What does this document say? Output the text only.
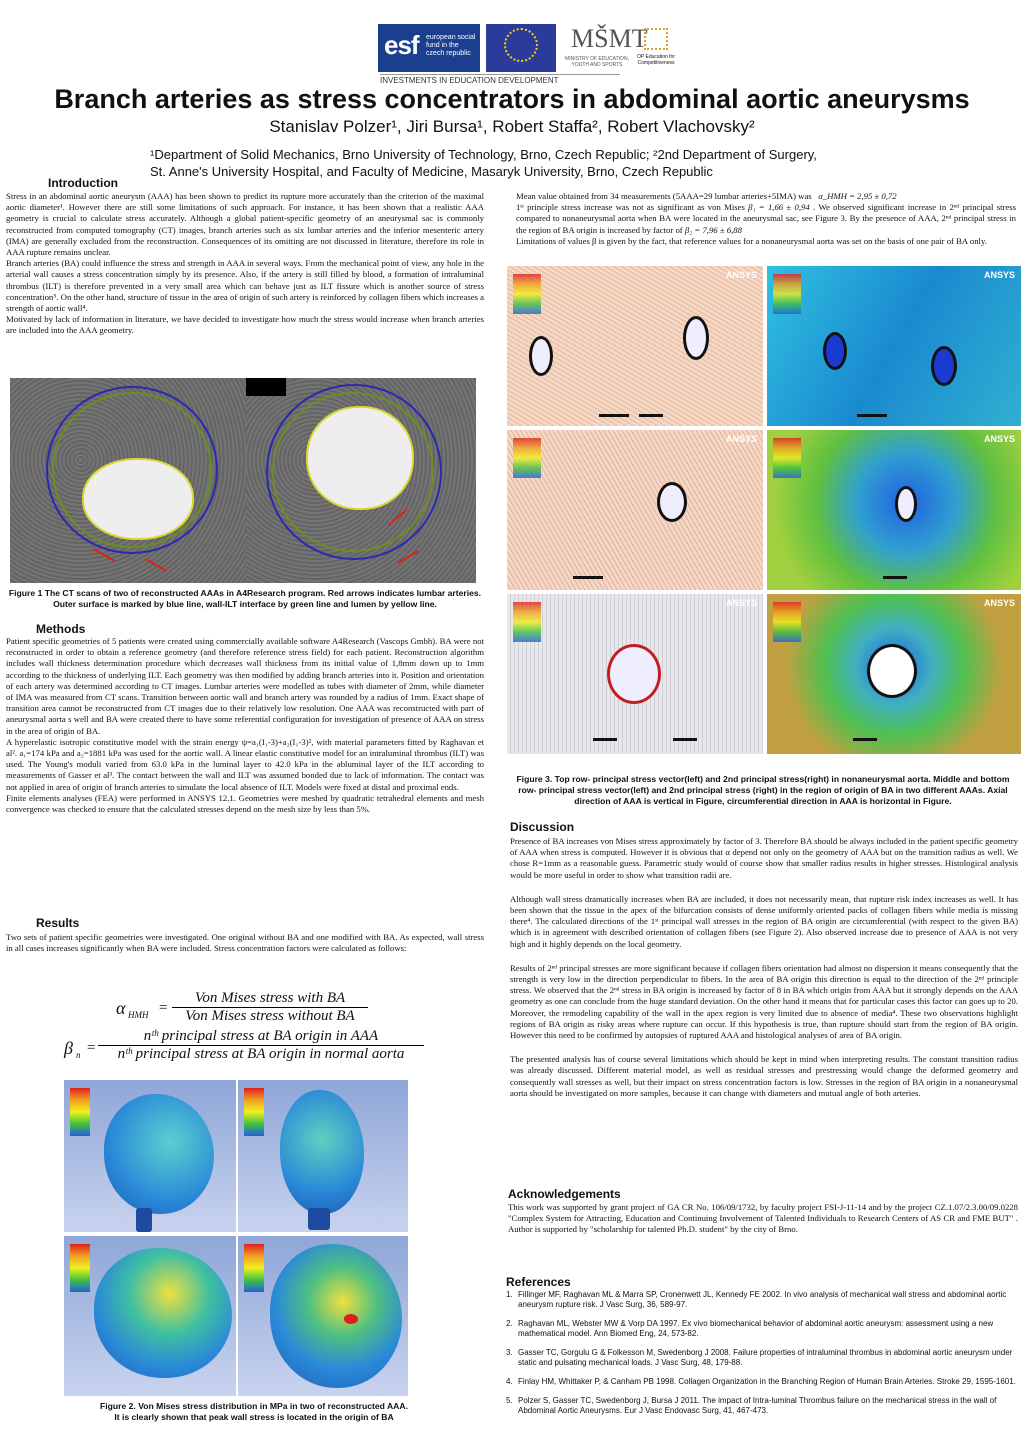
esf european social fund in the czech republic
EUROPEAN UNION
MŠMT
MINISTRY OF EDUCATION, YOUTH AND SPORTS
OP Education for Competitiveness
INVESTMENTS IN EDUCATION DEVELOPMENT
Branch arteries as stress concentrators in abdominal aortic aneurysms
Stanislav Polzer¹, Jiri Bursa¹, Robert Staffa², Robert Vlachovsky²
¹Department of Solid Mechanics, Brno University of Technology, Brno, Czech Republic; ²2nd Department of Surgery,
St. Anne's University Hospital, and Faculty of Medicine, Masaryk University, Brno, Czech Republic
Introduction

Stress in an abdominal aortic aneurysm (AAA) has been shown to predict its rupture more accurately than the criterion of the maximal aortic diameter¹. However there are still some limitations of such approach. For instance, it has been shown that a realistic AAA geometry is crucial to calculate stress accurately. Although a global patient-specific geometry of an aneurysmal sac is commonly reconstructed from computed tomography (CT) images, branch arteries such as six lumbar arteries and the inferior mesenteric artery (IMA) are generally excluded from the reconstruction. Consequences of its omitting are not discussed in literature, therefore its role in AAA rupture remains unclear.

Branch arteries (BA) could influence the stress and strength in AAA in several ways. From the mechanical point of view, any hole in the arterial wall causes a stress concentration simply by its presence. Also, if the artery is still filled by blood, a formation of intraluminal thrombus (ILT) is therefore prevented in a very small area which can behave just as ILT fissure which is another source of stress concentration⁵. On the other hand, structure of tissue in the area of origin of such artery is reinforced by collagen fibers which increases a strength of aortic wall⁴.

Motivated by lack of information in literature, we have decided to investigate how much the stress would increase when branch arteries are included into the AAA geometry.

Figure 1 The CT scans of two of reconstructed AAAs in A4Research program. Red arrows indicates lumbar arteries. Outer surface is marked by blue line, wall-ILT interface by green line and lumen by yellow line.
Methods

Patient specific geometries of 5 patients were created using commercially available software A4Research (Vascops Gmbh). BA were not reconstructed in order to obtain a reference geometry (and therefore reference stress field) for each patient. Reconstruction algorithm includes wall thickness determination procedure which decreases wall thickness from its initial value of 1,8mm down up to 1mm according to the thickness of underlying ILT. Each geometry was then modified by adding branch arteries into it. Position and orientation of each artery was determined according to CT images. Lumbar arteries were modelled as tubes with diameter of 2mm, while diameter of IMA was measured from CT scans. Transition between aortic wall and branch artery was rounded by a radius of 1mm. Exact shape of transition area cannot be reconstructed from CT images due to their relatively low resolution. One AAA was reconstructed with part of aneurysmal aorta s well and BA were created there to have some referential configuration for investigation of presence of AAA on stress in the area of origin of BA.

A hyperelastic isotropic constitutive model with the strain energy ψ=a₁(I₁-3)+a₂(I₁-3)², with material parameters fitted by Raghavan et al². a₁=174 kPa and a₂=1881 kPa was used for the aortic wall. A linear elastic constitutive model for an intraluminal thrombus (ILT) was used. The Young's moduli varied from 63.0 kPa in the luminal layer to 42.0 kPa in the abluminal layer of the ILT according to measurements of Gasser et al³. The contact between the wall and ILT was assumed bonded due to lack of information. The contact was not applied in area of origin of branch arteries to simulate the local absence of ILT. Models were fixed at distal and proximal ends.

Finite elements analyses (FEA) were performed in ANSYS 12.1. Geometries were meshed by quadratic tetrahedral elements and mesh convergence was checked to ensure that the calculated stresses depend on the mesh size by less than 5%.

Results
Two sets of patient specific geometries were investigated. One original without BA and one modified with BA. As expected, wall stress in all cases increases significantly when BA were included. Stress concentration factors were calculated as follows:
α HMH =
Von Mises stress with BA
Von Mises stress without BA
β n =
nᵗʰ principal stress at BA origin in AAA
nᵗʰ principal stress at BA origin in normal aorta
Figure 2. Von Mises stress distribution in MPa in two of reconstructed AAA.
It is clearly shown that peak wall stress is located in the origin of BA

Mean value obtained from 34 measurements (5AAA=29 lumbar arteries+5IMA) was α_HMH = 2,95 ± 0,72

1ˢᵗ principle stress increase was not as significant as von Mises β₁ = 1,66 ± 0,94 . We observed significant increase in 2ⁿᵈ principal stress compared to nonaneurysmal aorta when BA were located in the aneurysmal sac, see Figure 3. By the presence of AAA, 2ⁿᵈ principal stress in the region of BA origin is increased by factor of β₂ = 7,96 ± 6,88

Limitations of values β is given by the fact, that reference values for a nonaneurysmal aorta was set on the basis of one pair of BA only.

ANSYS	ANSYS
ANSYS	ANSYS
ANSYS	ANSYS
Figure 3. Top row- principal stress vector(left) and 2nd principal stress(right) in nonaneurysmal aorta. Middle and bottom row- principal stress vector(left) and 2nd principal stress (right) in the region of origin of BA in two different AAAs. Axial direction of AAA is vertical in Figure, circumferential direction in AAA is horizontal in Figure.
Discussion

Presence of BA increases von Mises stress approximately by factor of 3. Therefore BA should be always included in the patient specific geometry of AAA when stress is computed. However it is obvious that α depend not only on the geometry of AAA but on the transition radius as well. We chose R=1mm as a reasonable guess. Parametric study would of course show that smaller radius results in higher stresses. Histological analysis would be more useful in order to show what transition radii are.

Although wall stress dramatically increases when BA are included, it does not necessarily mean, that rupture risk index increases as well. It has been shown that the tissue in the apex of the bifurcation consists of dense uniformly oriented packs of collagen fibers while media is missing there⁴. The calculated directions of the 1ˢᵗ principal wall stresses in the region of BA origin are circumferential (with respect to the given BA) which is in agreement with described orientation of collagen fibers (see Figure 2). Also observed increase due to presence of AAA is not very high and it highly depends on the local geometry.

Results of 2ⁿᵈ principal stresses are more significant because if collagen fibers orientation had almost no dispersion it means consequently that the strength is very low in the direction perpendicular to fibers. In the area of BA origin this direction is equal to the direction of the 2ⁿᵈ principle stress. We observed that the 2ⁿᵈ stress in BA origin is increased by factor of 8 in BA which origin from AAA but it strongly depends on the AAA geometry as one can conclude from the huge standard deviation. On the other hand it means that for particular cases this factor can goes up to 20. Moreover, the remodeling capability of the wall in the apex region is very limited due to absence of media⁴. These two observations highlight regions of BA origin as risky areas where rupture can occur. If this hypothesis is true, than rupture should start from the region of BA origin. However this need to be confirmed by autopsies of ruptured AAA and histological analyses of area of BA origin.

The presented analysis has of course several limitations which should be kept in mind when interpreting results. The constant transition radius was already discussed. Different material model, as well as residual stresses and prestressing would change the deformed geometry and consequently wall stresses as well, but their impact on stress concentration factors is low. Stresses in the region of BA origin in a nonaneurysmal aorta should be investigated on more samples, because it can change with diameters and mutual angle of both arteries.

Acknowledgements
This work was supported by grant project of GA CR No. 106/09/1732, by faculty project FSI-J-11-14 and by the project CZ.1.07/2.3.00/09.0228 "Complex System for Attracting, Education and Continuing Involvement of Talented Individuals to Research Centers of AS CR and FME BUT" . Author is supported by "scholarship for talented Ph.D. student" by the city of Brno.
References
1. Fillinger MF, Raghavan ML & Marra SP, Cronenwett JL, Kennedy FE 2002. In vivo analysis of mechanical wall stress and abdominal aortic aneurysm rupture risk. J Vasc Surg, 36, 589-97.
2. Raghavan ML, Webster MW & Vorp DA 1997. Ex vivo biomechanical behavior of abdominal aortic aneurysm: assessment using a new mathematical model. Ann Biomed Eng, 24, 573-82.
3. Gasser TC, Gorgulu G & Folkesson M, Swedenborg J 2008. Failure properties of intraluminal thrombus in abdominal aortic aneurysm under static and pulsating mechanical loads. J Vasc Surg, 48, 179-88.
4. Finlay HM, Whittaker P, & Canham PB 1998. Collagen Organization in the Branching Region of Human Brain Arteries. Stroke 29, 1595-1601.
5. Polzer S, Gasser TC, Swedenborg J, Bursa J 2011. The impact of Intra-luminal Thrombus failure on the mechanical stress in the wall of Abdominal Aortic Aneurysms. Eur J Vasc Endovasc Surg, 41, 467-473.
